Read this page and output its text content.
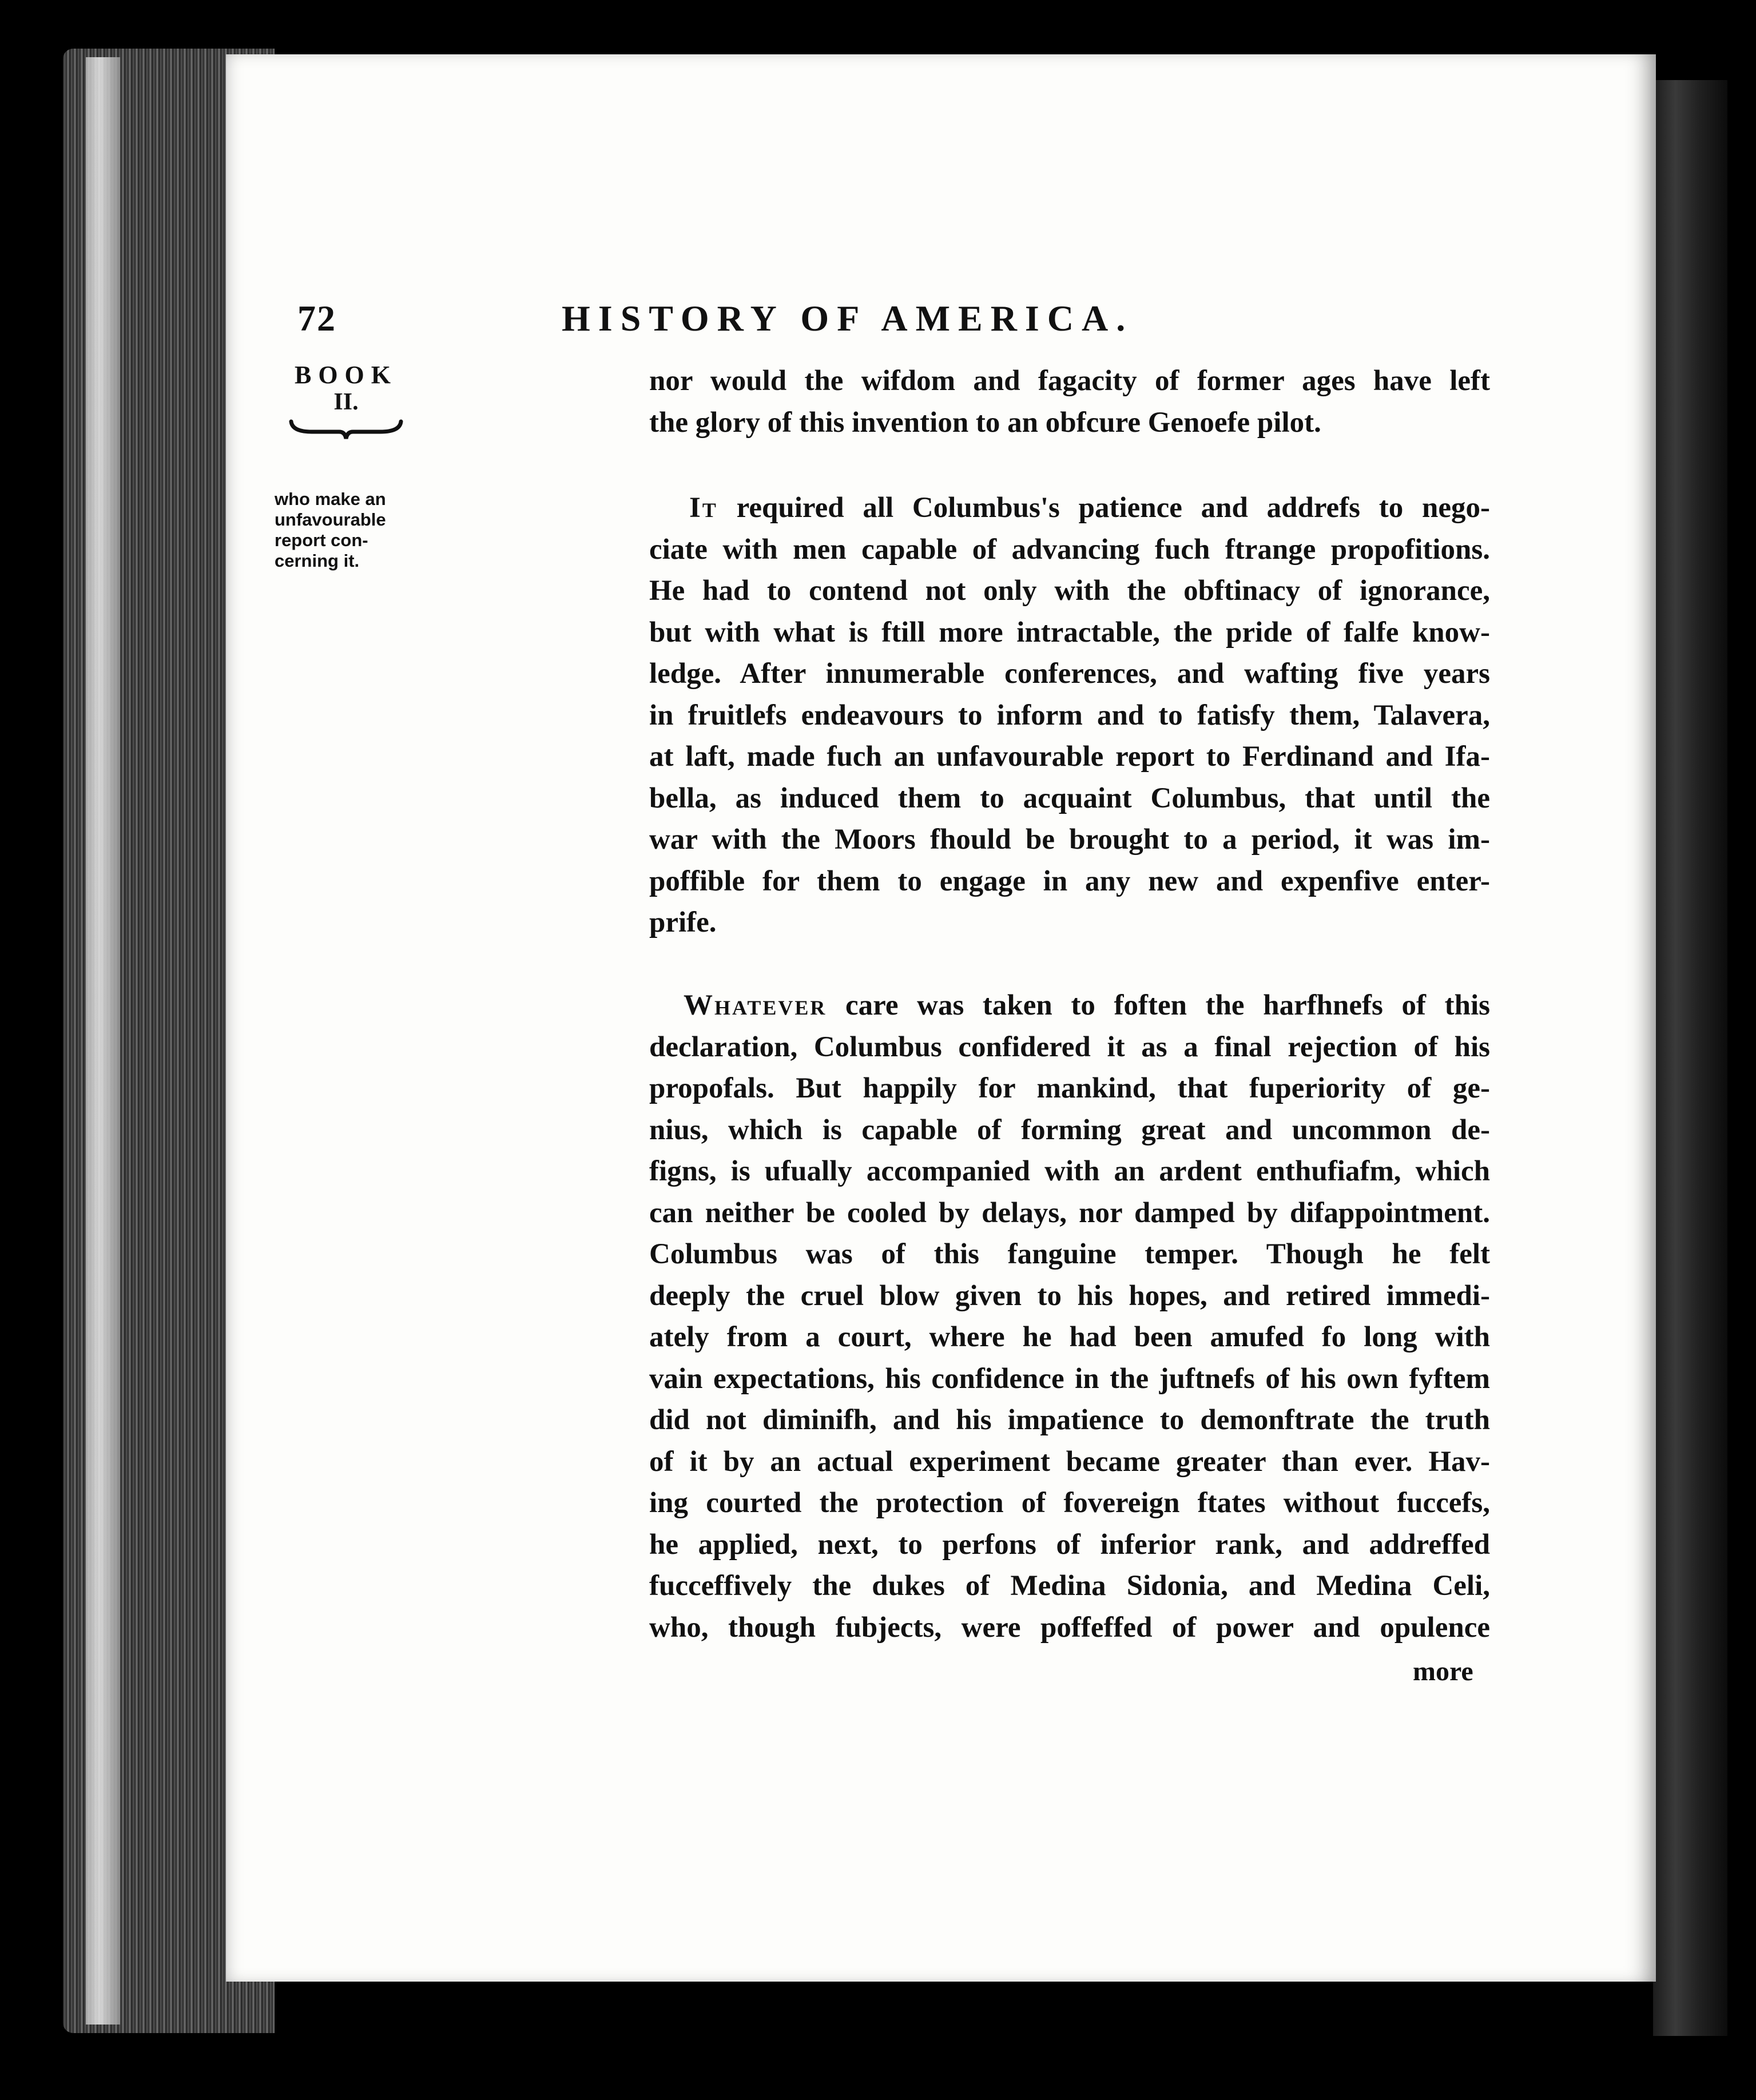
72	HISTORY OF AMERICA.
BOOK
II.
who make an
unfavourable
report con-
cerning it.
nor would the wifdom and fagacity of former ages have left
the glory of this invention to an obfcure Genoefe pilot.
It required all Columbus's patience and addrefs to nego-
ciate with men capable of advancing fuch ftrange propofitions.
He had to contend not only with the obftinacy of ignorance,
but with what is ftill more intractable, the pride of falfe know-
ledge. After innumerable conferences, and wafting five years
in fruitlefs endeavours to inform and to fatisfy them, Talavera,
at laft, made fuch an unfavourable report to Ferdinand and Ifa-
bella, as induced them to acquaint Columbus, that until the
war with the Moors fhould be brought to a period, it was im-
poffible for them to engage in any new and expenfive enter-
prife.
Whatever care was taken to foften the harfhnefs of this
declaration, Columbus confidered it as a final rejection of his
propofals. But happily for mankind, that fuperiority of ge-
nius, which is capable of forming great and uncommon de-
figns, is ufually accompanied with an ardent enthufiafm, which
can neither be cooled by delays, nor damped by difappointment.
Columbus was of this fanguine temper. Though he felt
deeply the cruel blow given to his hopes, and retired immedi-
ately from a court, where he had been amufed fo long with
vain expectations, his confidence in the juftnefs of his own fyftem
did not diminifh, and his impatience to demonftrate the truth
of it by an actual experiment became greater than ever. Hav-
ing courted the protection of fovereign ftates without fuccefs,
he applied, next, to perfons of inferior rank, and addreffed
fucceffively the dukes of Medina Sidonia, and Medina Celi,
who, though fubjects, were poffeffed of power and opulence
more
